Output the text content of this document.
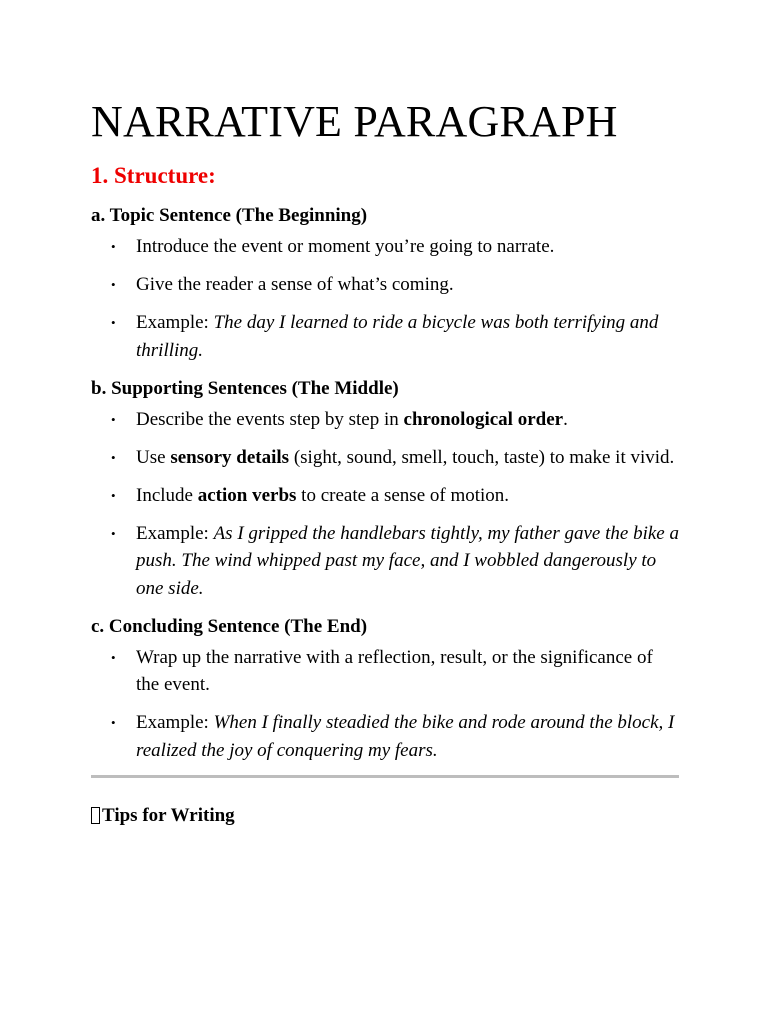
NARRATIVE PARAGRAPH
1. Structure:
a. Topic Sentence (The Beginning)
• Introduce the event or moment you’re going to narrate.
• Give the reader a sense of what’s coming.
• Example: The day I learned to ride a bicycle was both terrifying and thrilling.
b. Supporting Sentences (The Middle)
• Describe the events step by step in chronological order.
• Use sensory details (sight, sound, smell, touch, taste) to make it vivid.
• Include action verbs to create a sense of motion.
• Example: As I gripped the handlebars tightly, my father gave the bike a push. The wind whipped past my face, and I wobbled dangerously to one side.
c. Concluding Sentence (The End)
• Wrap up the narrative with a reflection, result, or the significance of the event.
• Example: When I finally steadied the bike and rode around the block, I realized the joy of conquering my fears.
Tips for Writing
